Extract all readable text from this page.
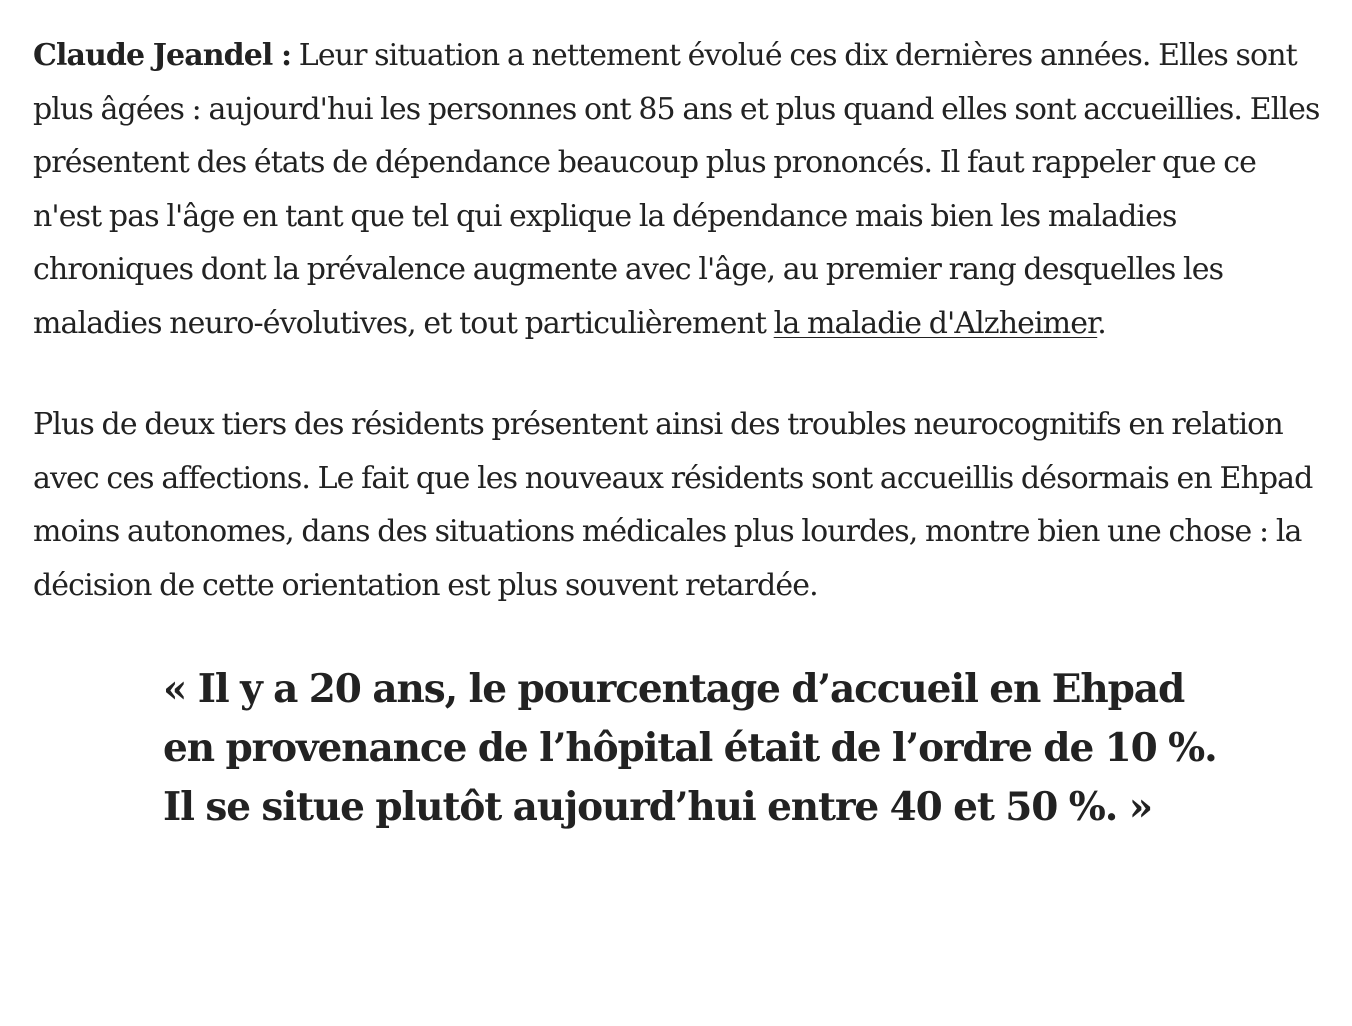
Claude Jeandel : Leur situation a nettement évolué ces dix dernières années. Elles sont plus âgées : aujourd'hui les personnes ont 85 ans et plus quand elles sont accueillies. Elles présentent des états de dépendance beaucoup plus prononcés. Il faut rappeler que ce n'est pas l'âge en tant que tel qui explique la dépendance mais bien les maladies chroniques dont la prévalence augmente avec l'âge, au premier rang desquelles les maladies neuro-évolutives, et tout particulièrement la maladie d'Alzheimer.

Plus de deux tiers des résidents présentent ainsi des troubles neurocognitifs en relation avec ces affections. Le fait que les nouveaux résidents sont accueillis désormais en Ehpad moins autonomes, dans des situations médicales plus lourdes, montre bien une chose : la décision de cette orientation est plus souvent retardée.

« Il y a 20 ans, le pourcentage d’accueil en Ehpad en provenance de l’hôpital était de l’ordre de 10 %. Il se situe plutôt aujourd’hui entre 40 et 50 %. »
